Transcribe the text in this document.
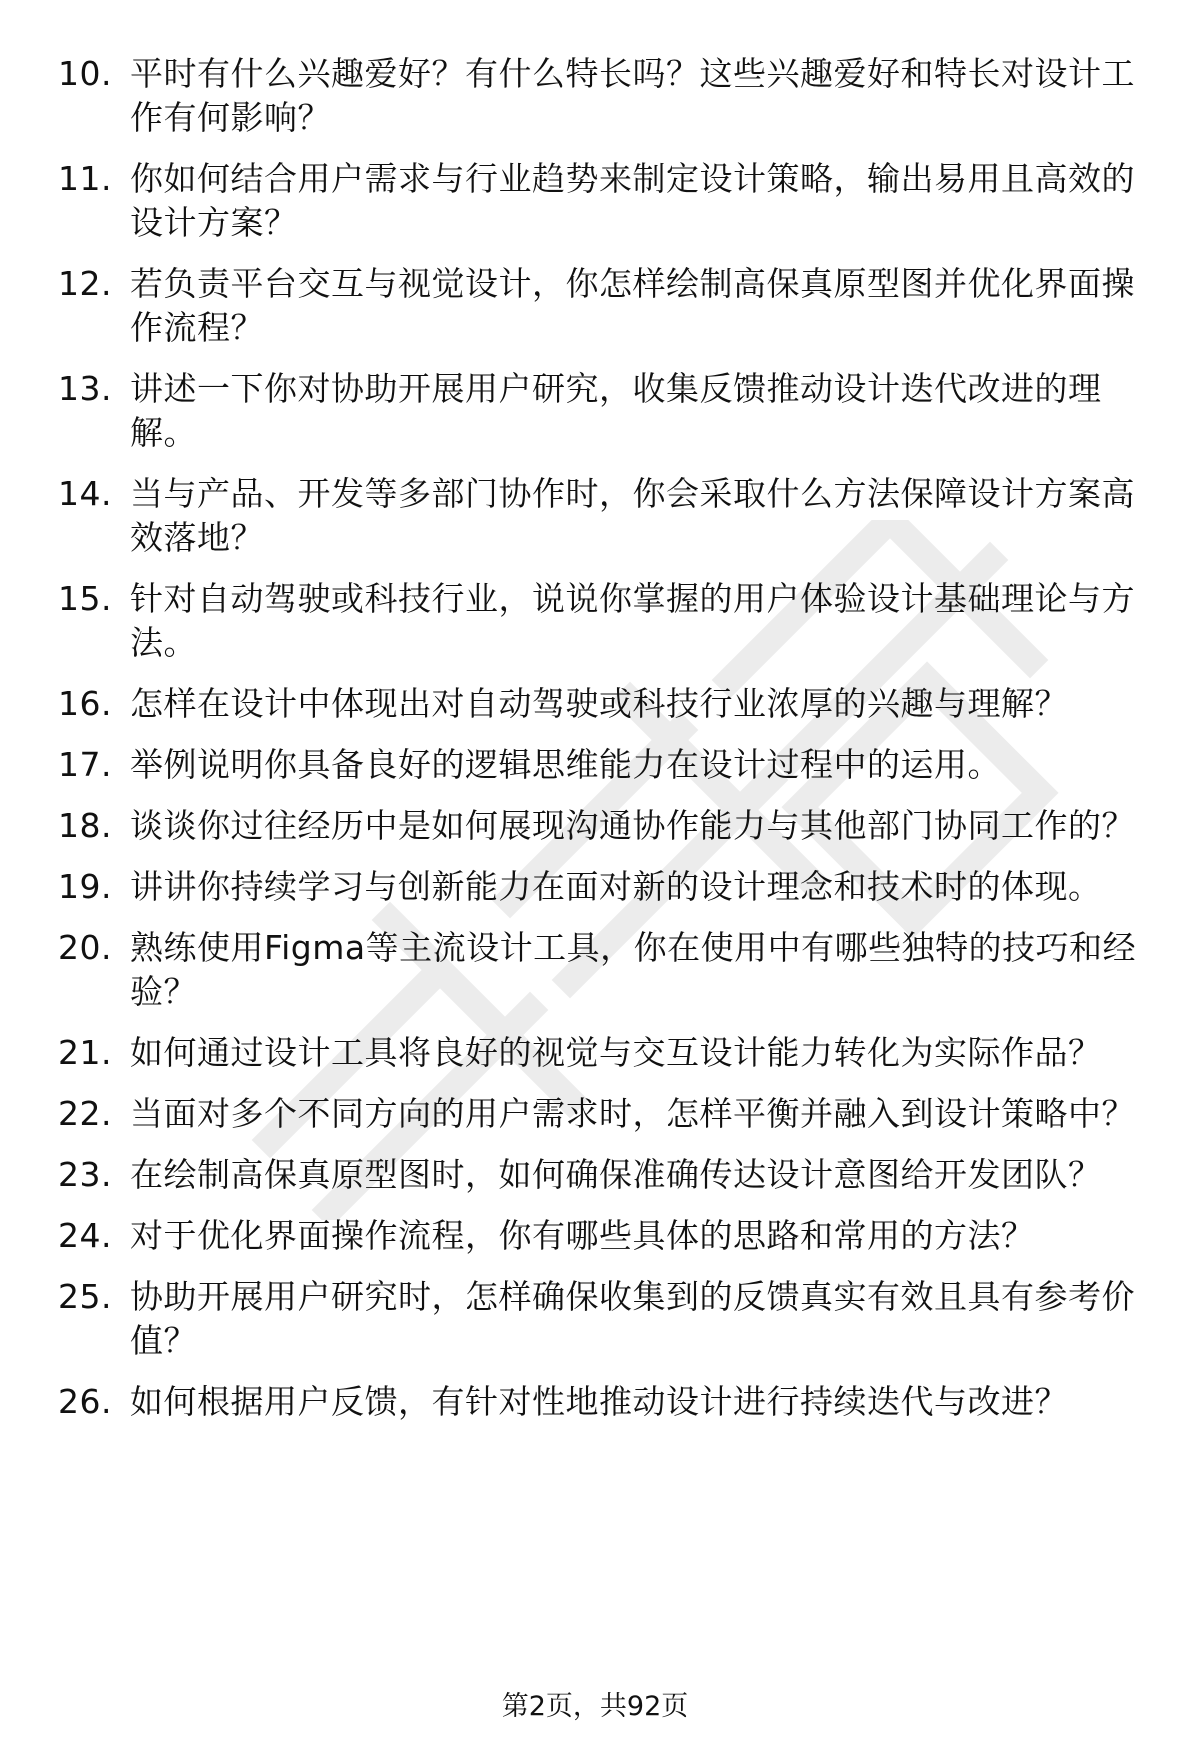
10. 平时有什么兴趣爱好？有什么特长吗？这些兴趣爱好和特长对设计工作有何影响？
11. 你如何结合用户需求与行业趋势来制定设计策略，输出易用且高效的设计方案？
12. 若负责平台交互与视觉设计，你怎样绘制高保真原型图并优化界面操作流程？
13. 讲述一下你对协助开展用户研究，收集反馈推动设计迭代改进的理解。
14. 当与产品、开发等多部门协作时，你会采取什么方法保障设计方案高效落地？
15. 针对自动驾驶或科技行业，说说你掌握的用户体验设计基础理论与方法。
16. 怎样在设计中体现出对自动驾驶或科技行业浓厚的兴趣与理解？
17. 举例说明你具备良好的逻辑思维能力在设计过程中的运用。
18. 谈谈你过往经历中是如何展现沟通协作能力与其他部门协同工作的？
19. 讲讲你持续学习与创新能力在面对新的设计理念和技术时的体现。
20. 熟练使用Figma等主流设计工具，你在使用中有哪些独特的技巧和经验？
21. 如何通过设计工具将良好的视觉与交互设计能力转化为实际作品？
22. 当面对多个不同方向的用户需求时，怎样平衡并融入到设计策略中？
23. 在绘制高保真原型图时，如何确保准确传达设计意图给开发团队？
24. 对于优化界面操作流程，你有哪些具体的思路和常用的方法？
25. 协助开展用户研究时，怎样确保收集到的反馈真实有效且具有参考价值？
26. 如何根据用户反馈，有针对性地推动设计进行持续迭代与改进？
第2页，共92页
